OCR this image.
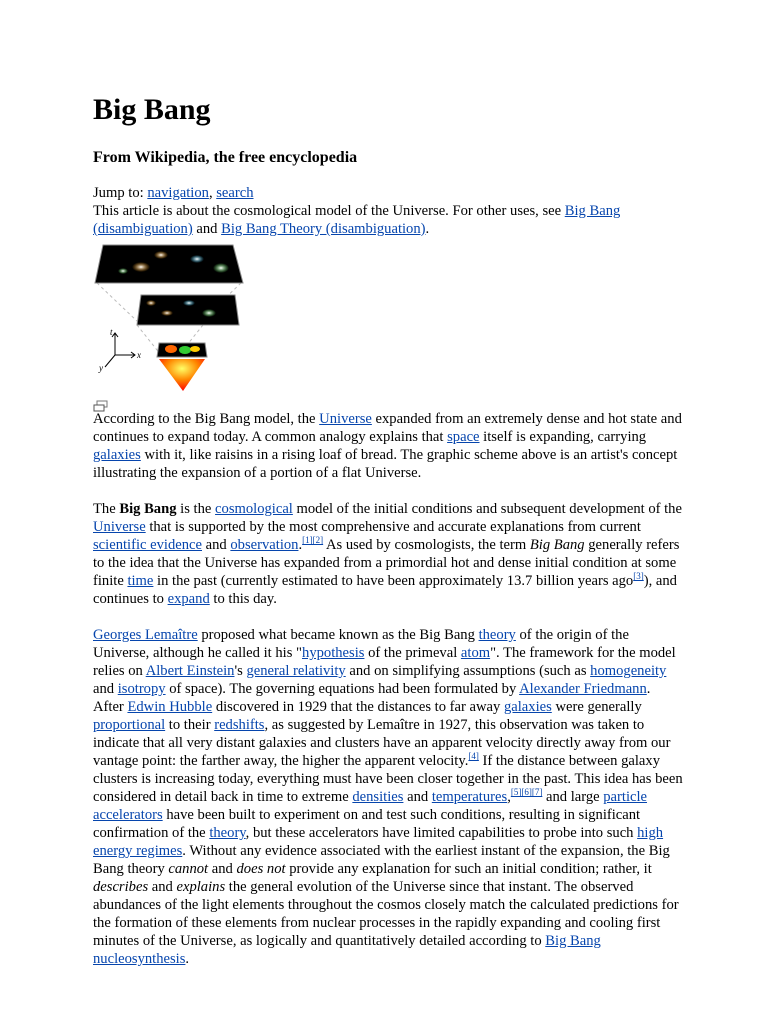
Big Bang
From Wikipedia, the free encyclopedia
Jump to: navigation, search
This article is about the cosmological model of the Universe. For other uses, see Big Bang (disambiguation) and Big Bang Theory (disambiguation).
t
x
y

According to the Big Bang model, the Universe expanded from an extremely dense and hot state and continues to expand today. A common analogy explains that space itself is expanding, carrying galaxies with it, like raisins in a rising loaf of bread. The graphic scheme above is an artist's concept illustrating the expansion of a portion of a flat Universe.

The Big Bang is the cosmological model of the initial conditions and subsequent development of the Universe that is supported by the most comprehensive and accurate explanations from current scientific evidence and observation.[1][2] As used by cosmologists, the term Big Bang generally refers to the idea that the Universe has expanded from a primordial hot and dense initial condition at some finite time in the past (currently estimated to have been approximately 13.7 billion years ago[3]), and continues to expand to this day.

Georges Lemaître proposed what became known as the Big Bang theory of the origin of the Universe, although he called it his "hypothesis of the primeval atom". The framework for the model relies on Albert Einstein's general relativity and on simplifying assumptions (such as homogeneity and isotropy of space). The governing equations had been formulated by Alexander Friedmann. After Edwin Hubble discovered in 1929 that the distances to far away galaxies were generally proportional to their redshifts, as suggested by Lemaître in 1927, this observation was taken to indicate that all very distant galaxies and clusters have an apparent velocity directly away from our vantage point: the farther away, the higher the apparent velocity.[4] If the distance between galaxy clusters is increasing today, everything must have been closer together in the past. This idea has been considered in detail back in time to extreme densities and temperatures,[5][6][7] and large particle accelerators have been built to experiment on and test such conditions, resulting in significant confirmation of the theory, but these accelerators have limited capabilities to probe into such high energy regimes. Without any evidence associated with the earliest instant of the expansion, the Big Bang theory cannot and does not provide any explanation for such an initial condition; rather, it describes and explains the general evolution of the Universe since that instant. The observed abundances of the light elements throughout the cosmos closely match the calculated predictions for the formation of these elements from nuclear processes in the rapidly expanding and cooling first minutes of the Universe, as logically and quantitatively detailed according to Big Bang nucleosynthesis.
